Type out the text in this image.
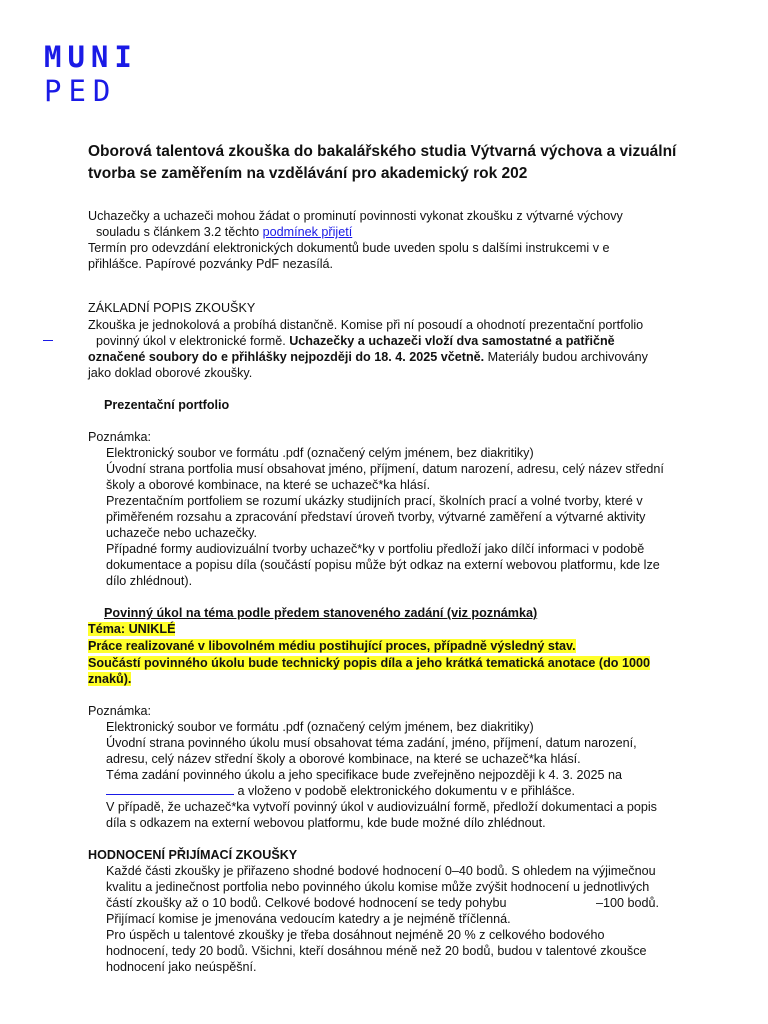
MUNI
PED
Oborová talentová zkouška do bakalářského studia Výtvarná výchova a vizuální tvorba se zaměřením na vzdělávání pro akademický rok 202
Uchazečky a uchazeči mohou žádat o prominutí povinnosti vykonat zkoušku z výtvarné výchovy
souladu s článkem 3.2 těchto podmínek přijetí
Termín pro odevzdání elektronických dokumentů bude uveden spolu s dalšími instrukcemi v e
přihlášce. Papírové pozvánky PdF nezasílá.
ZÁKLADNÍ POPIS ZKOUŠKY
Zkouška je jednokolová a probíhá distančně. Komise při ní posoudí a ohodnotí prezentační portfolio
povinný úkol v elektronické formě. Uchazečky a uchazeči vloží dva samostatné a patřičně
označené soubory do e přihlášky nejpozději do 18. 4. 2025 včetně. Materiály budou archivovány
jako doklad oborové zkoušky.
Prezentační portfolio
Poznámka:
Elektronický soubor ve formátu .pdf (označený celým jménem, bez diakritiky)
Úvodní strana portfolia musí obsahovat jméno, příjmení, datum narození, adresu, celý název střední
školy a oborové kombinace, na které se uchazeč*ka hlásí.
Prezentačním portfoliem se rozumí ukázky studijních prací, školních prací a volné tvorby, které v
přiměřeném rozsahu a zpracování představí úroveň tvorby, výtvarné zaměření a výtvarné aktivity
uchazeče nebo uchazečky.
Případné formy audiovizuální tvorby uchazeč*ky v portfoliu předloží jako dílčí informaci v podobě
dokumentace a popisu díla (součástí popisu může být odkaz na externí webovou platformu, kde lze
dílo zhlédnout).
Povinný úkol na téma podle předem stanoveného zadání (viz poznámka)
Téma: UNIKLÉ
Práce realizované v libovolném médiu postihující proces, případně výsledný stav.
Součástí povinného úkolu bude technický popis díla a jeho krátká tematická anotace (do 1000
znaků).
Poznámka:
Elektronický soubor ve formátu .pdf (označený celým jménem, bez diakritiky)
Úvodní strana povinného úkolu musí obsahovat téma zadání, jméno, příjmení, datum narození,
adresu, celý název střední školy a oborové kombinace, na které se uchazeč*ka hlásí.
Téma zadání povinného úkolu a jeho specifikace bude zveřejněno nejpozději k 4. 3. 2025 na
a vloženo v podobě elektronického dokumentu v e přihlášce.
V případě, že uchazeč*ka vytvoří povinný úkol v audiovizuální formě, předloží dokumentaci a popis
díla s odkazem na externí webovou platformu, kde bude možné dílo zhlédnout.
HODNOCENÍ PŘIJÍMACÍ ZKOUŠKY
Každé části zkoušky je přiřazeno shodné bodové hodnocení 0–40 bodů. S ohledem na výjimečnou
kvalitu a jedinečnost portfolia nebo povinného úkolu komise může zvýšit hodnocení u jednotlivých
částí zkoušky až o 10 bodů. Celkové bodové hodnocení se tedy pohybu	–100 bodů.
Přijímací komise je jmenována vedoucím katedry a je nejméně tříčlenná.
Pro úspěch u talentové zkoušky je třeba dosáhnout nejméně 20 % z celkového bodového
hodnocení, tedy 20 bodů. Všichni, kteří dosáhnou méně než 20 bodů, budou v talentové zkoušce
hodnocení jako neúspěšní.
